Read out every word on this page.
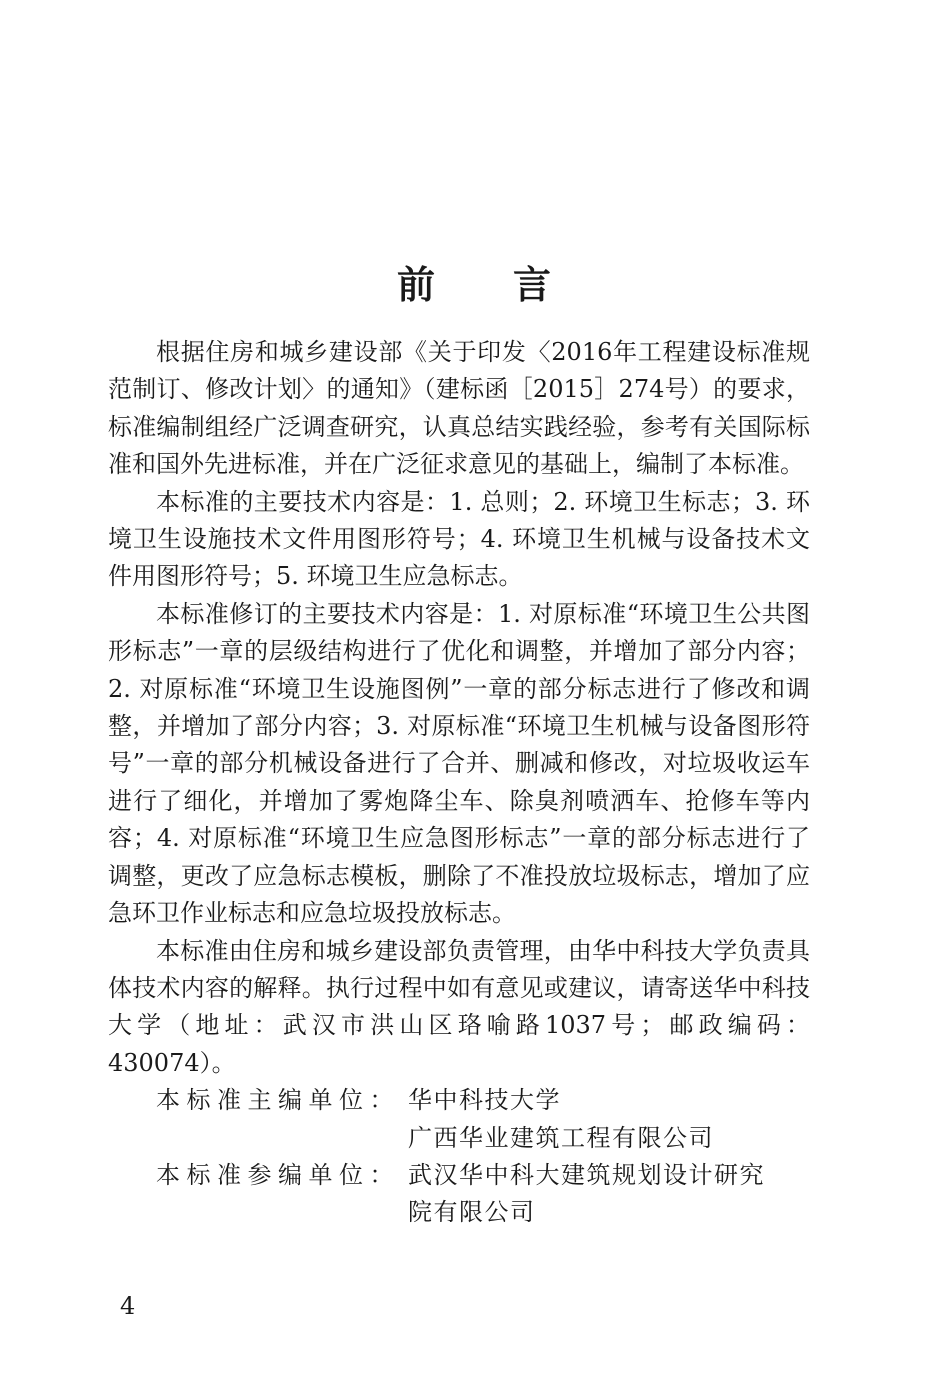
前 言

根据住房和城乡建设部《关于印发〈2016年工程建设标准规范制订、修改计划〉的通知》（建标函［2015］274号）的要求，标准编制组经广泛调查研究，认真总结实践经验，参考有关国际标准和国外先进标准，并在广泛征求意见的基础上，编制了本标准。

本标准的主要技术内容是：1. 总则；2. 环境卫生标志；3. 环境卫生设施技术文件用图形符号；4. 环境卫生机械与设备技术文件用图形符号；5. 环境卫生应急标志。

本标准修订的主要技术内容是：1. 对原标准“环境卫生公共图形标志”一章的层级结构进行了优化和调整，并增加了部分内容；2. 对原标准“环境卫生设施图例”一章的部分标志进行了修改和调整，并增加了部分内容；3. 对原标准“环境卫生机械与设备图形符号”一章的部分机械设备进行了合并、删减和修改，对垃圾收运车进行了细化，并增加了雾炮降尘车、除臭剂喷洒车、抢修车等内容；4. 对原标准“环境卫生应急图形标志”一章的部分标志进行了调整，更改了应急标志模板，删除了不准投放垃圾标志，增加了应急环卫作业标志和应急垃圾投放标志。

本标准由住房和城乡建设部负责管理，由华中科技大学负责具体技术内容的解释。执行过程中如有意见或建议，请寄送华中科技大学（地址：武汉市洪山区珞喻路1037号；邮政编码：430074）。

本标准主编单位： 华中科技大学
广西华业建筑工程有限公司
本标准参编单位： 武汉华中科大建筑规划设计研究
院有限公司
4
